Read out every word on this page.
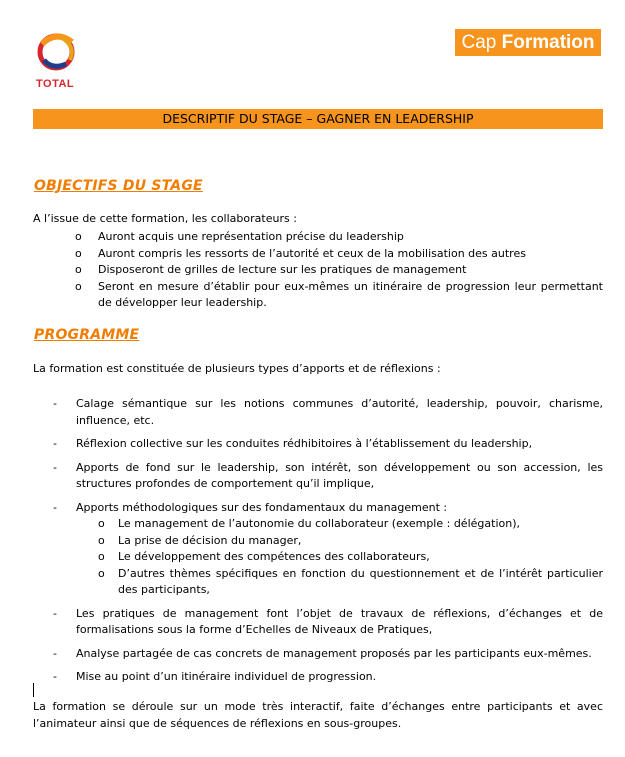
TOTAL
Cap Formation
DESCRIPTIF DU STAGE – GAGNER EN LEADERSHIP
OBJECTIFS DU STAGE
A l’issue de cette formation, les collaborateurs :
o Auront acquis une représentation précise du leadership
o Auront compris les ressorts de l’autorité et ceux de la mobilisation des autres
o Disposeront de grilles de lecture sur les pratiques de management
o Seront en mesure d’établir pour eux-mêmes un itinéraire de progression leur permettant de développer leur leadership.
PROGRAMME
La formation est constituée de plusieurs types d’apports et de réflexions :
- Calage sémantique sur les notions communes d’autorité, leadership, pouvoir, charisme, influence, etc.
- Réflexion collective sur les conduites rédhibitoires à l’établissement du leadership,
- Apports de fond sur le leadership, son intérêt, son développement ou son accession, les structures profondes de comportement qu’il implique,
- Apports méthodologiques sur des fondamentaux du management :
o Le management de l’autonomie du collaborateur (exemple : délégation),
o La prise de décision du manager,
o Le développement des compétences des collaborateurs,
o D’autres thèmes spécifiques en fonction du questionnement et de l’intérêt particulier des participants,
- Les pratiques de management font l’objet de travaux de réflexions, d’échanges et de formalisations sous la forme d’Echelles de Niveaux de Pratiques,
- Analyse partagée de cas concrets de management proposés par les participants eux-mêmes.
- Mise au point d’un itinéraire individuel de progression.
La formation se déroule sur un mode très interactif, faite d’échanges entre participants et avec l’animateur ainsi que de séquences de réflexions en sous-groupes.
